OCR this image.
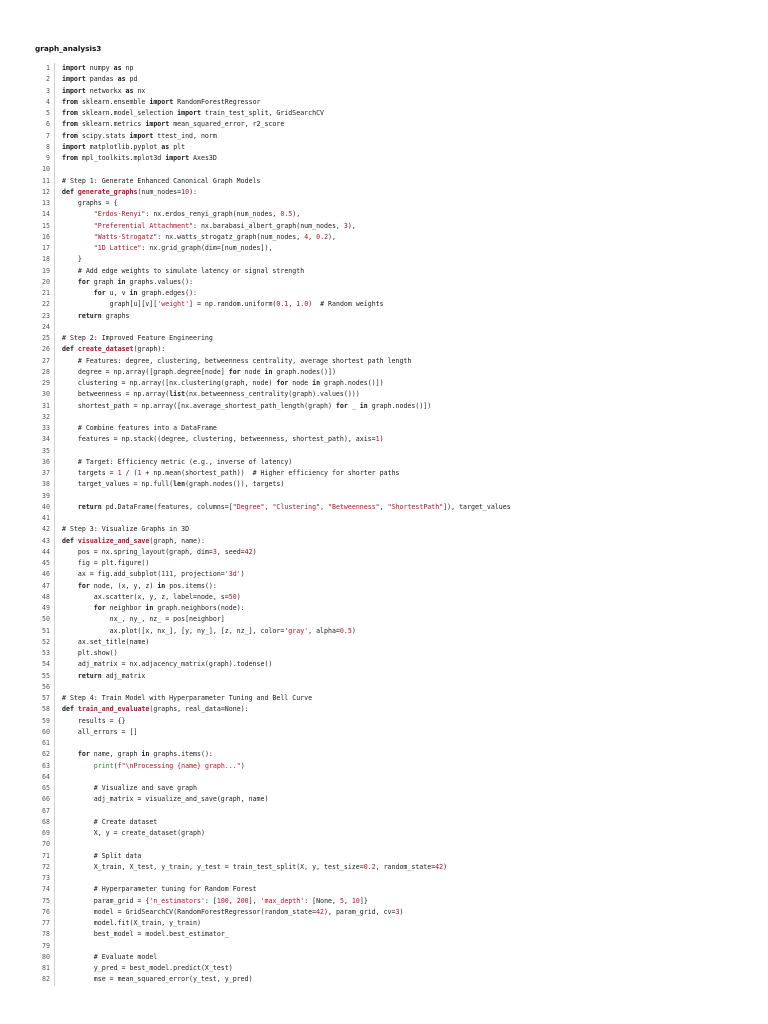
graph_analysis3
1	import numpy as np
2	import pandas as pd
3	import networkx as nx
4	from sklearn.ensemble import RandomForestRegressor
5	from sklearn.model_selection import train_test_split, GridSearchCV
6	from sklearn.metrics import mean_squared_error, r2_score
7	from scipy.stats import ttest_ind, norm
8	import matplotlib.pyplot as plt
9	from mpl_toolkits.mplot3d import Axes3D
10
11	# Step 1: Generate Enhanced Canonical Graph Models
12	def generate_graphs(num_nodes=10):
13	graphs = {
14	"Erdos-Renyi": nx.erdos_renyi_graph(num_nodes, 0.5),
15	"Preferential Attachment": nx.barabasi_albert_graph(num_nodes, 3),
16	"Watts-Strogatz": nx.watts_strogatz_graph(num_nodes, 4, 0.2),
17	"1D Lattice": nx.grid_graph(dim=[num_nodes]),
18	}
19	# Add edge weights to simulate latency or signal strength
20	for graph in graphs.values():
21	for u, v in graph.edges():
22	graph[u][v]['weight'] = np.random.uniform(0.1, 1.0)  # Random weights
23	return graphs
24
25	# Step 2: Improved Feature Engineering
26	def create_dataset(graph):
27	# Features: degree, clustering, betweenness centrality, average shortest path length
28	degree = np.array([graph.degree[node] for node in graph.nodes()])
29	clustering = np.array([nx.clustering(graph, node) for node in graph.nodes()])
30	betweenness = np.array(list(nx.betweenness_centrality(graph).values()))
31	shortest_path = np.array([nx.average_shortest_path_length(graph) for _ in graph.nodes()])
32
33	# Combine features into a DataFrame
34	features = np.stack((degree, clustering, betweenness, shortest_path), axis=1)
35
36	# Target: Efficiency metric (e.g., inverse of latency)
37	targets = 1 / (1 + np.mean(shortest_path))  # Higher efficiency for shorter paths
38	target_values = np.full(len(graph.nodes()), targets)
39
40	return pd.DataFrame(features, columns=["Degree", "Clustering", "Betweenness", "ShortestPath"]), target_values
41
42	# Step 3: Visualize Graphs in 3D
43	def visualize_and_save(graph, name):
44	pos = nx.spring_layout(graph, dim=3, seed=42)
45	fig = plt.figure()
46	ax = fig.add_subplot(111, projection='3d')
47	for node, (x, y, z) in pos.items():
48	ax.scatter(x, y, z, label=node, s=50)
49	for neighbor in graph.neighbors(node):
50	nx_, ny_, nz_ = pos[neighbor]
51	ax.plot([x, nx_], [y, ny_], [z, nz_], color='gray', alpha=0.5)
52	ax.set_title(name)
53	plt.show()
54	adj_matrix = nx.adjacency_matrix(graph).todense()
55	return adj_matrix
56
57	# Step 4: Train Model with Hyperparameter Tuning and Bell Curve
58	def train_and_evaluate(graphs, real_data=None):
59	results = {}
60	all_errors = []
61
62	for name, graph in graphs.items():
63	print(f"\nProcessing {name} graph...")
64
65	# Visualize and save graph
66	adj_matrix = visualize_and_save(graph, name)
67
68	# Create dataset
69	X, y = create_dataset(graph)
70
71	# Split data
72	X_train, X_test, y_train, y_test = train_test_split(X, y, test_size=0.2, random_state=42)
73
74	# Hyperparameter tuning for Random Forest
75	param_grid = {'n_estimators': [100, 200], 'max_depth': [None, 5, 10]}
76	model = GridSearchCV(RandomForestRegressor(random_state=42), param_grid, cv=3)
77	model.fit(X_train, y_train)
78	best_model = model.best_estimator_
79
80	# Evaluate model
81	y_pred = best_model.predict(X_test)
82	mse = mean_squared_error(y_test, y_pred)
